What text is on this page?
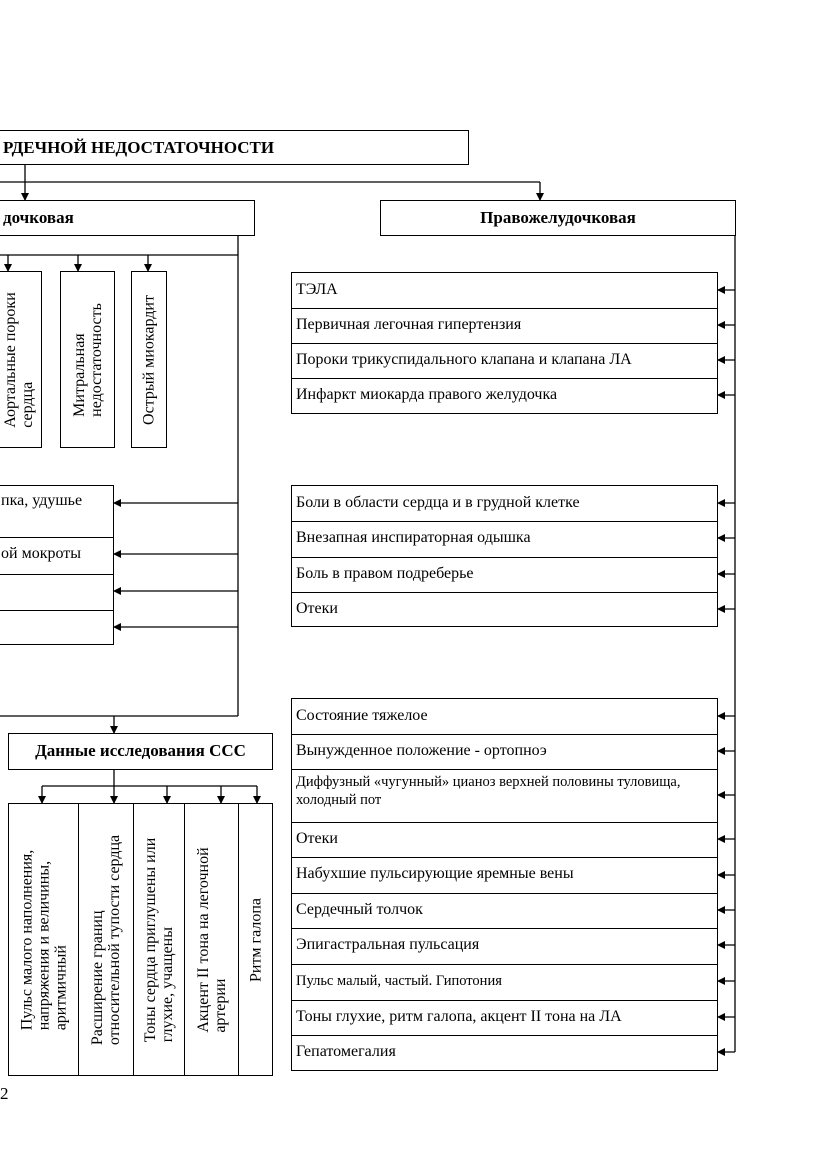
РДЕЧНОЙ НЕДОСТАТОЧНОСТИ
дочковая	Правожелудочковая
Аортальные пороки сердца Митральная недостаточность Острый миокардит
пка, удушье
ой мокроты
Данные исследования ССС
Пульс малого наполнения, напряжения и величины, аритмичный Расширение границ относительной тупости сердца Тоны сердца приглушены или глухие, учащены Акцент II тона на легочной артерии
Ритм галопа
ТЭЛА
Первичная легочная гипертензия
Пороки трикуспидального клапана и клапана ЛА
Инфаркт миокарда правого желудочка
Боли в области сердца и в грудной клетке
Внезапная инспираторная одышка
Боль в правом подреберье
Отеки
Состояние тяжелое
Вынужденное положение - ортопноэ
Диффузный «чугунный» цианоз верхней половины туловища, холодный пот
Отеки
Набухшие пульсирующие яремные вены
Сердечный толчок
Эпигастральная пульсация
Пульс малый, частый. Гипотония
Тоны глухие, ритм галопа, акцент II тона на ЛА
Гепатомегалия
2
